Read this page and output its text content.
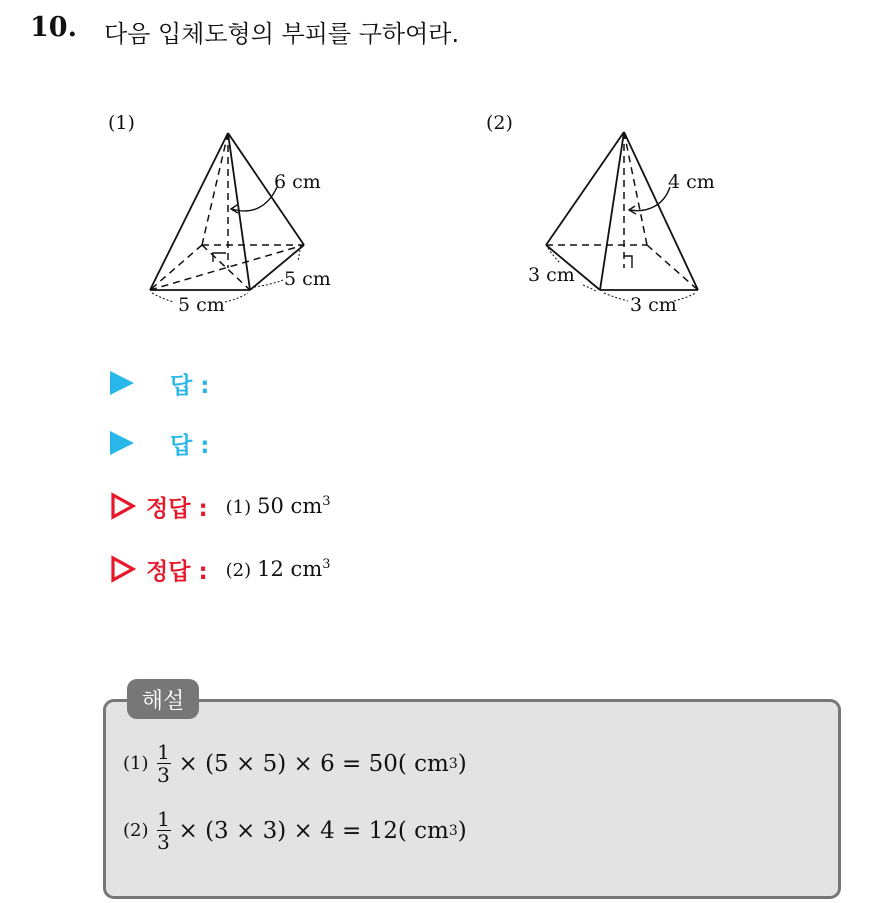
10. 다음 입체도형의 부피를 구하여라.
(1)
6 cm
5 cm
5 cm
(2)
4 cm
3 cm
3 cm
답 :
답 :
정답 : (1) 50 $cm^3$
정답 : (2) 12 $cm^3$
해설
$(1) \frac{1}{3} \times (5 \times 5) \times 6 = 50$( cm 3 )
$(2) \frac{1}{3} \times (3 \times 3) \times 4 = 12$( cm 3 )
